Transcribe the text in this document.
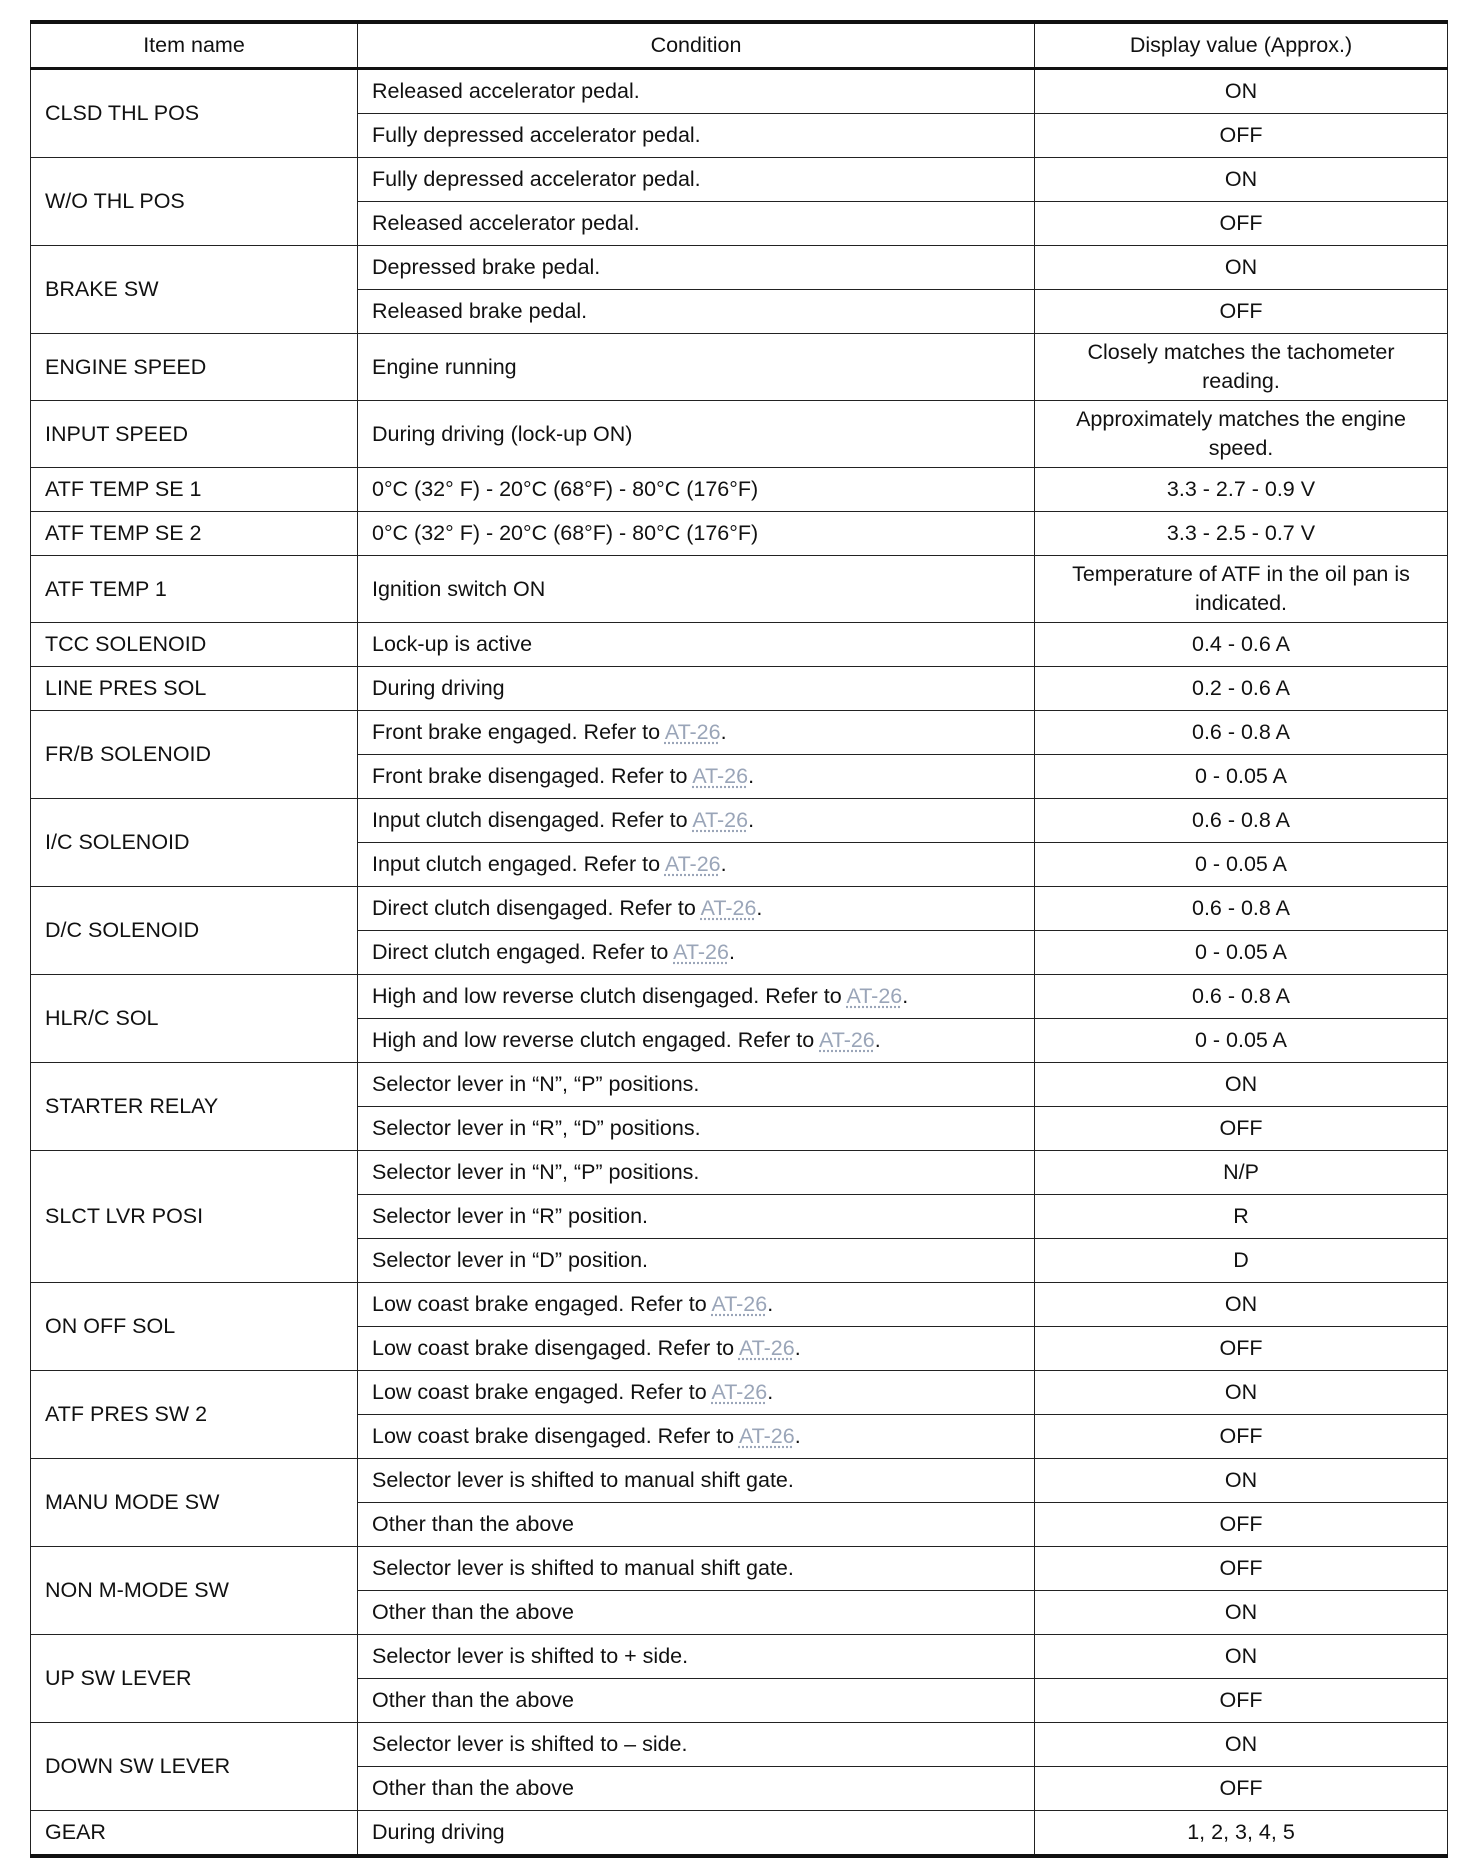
Item name	Condition	Display value (Approx.)
CLSD THL POS	Released accelerator pedal.	ON
	Fully depressed accelerator pedal.	OFF
W/O THL POS	Fully depressed accelerator pedal.	ON
	Released accelerator pedal.	OFF
BRAKE SW	Depressed brake pedal.	ON
	Released brake pedal.	OFF
ENGINE SPEED	Engine running	Closely matches the tachometer reading.
INPUT SPEED	During driving (lock-up ON)	Approximately matches the engine speed.
ATF TEMP SE 1	0°C (32° F) - 20°C (68°F) - 80°C (176°F)	3.3 - 2.7 - 0.9 V
ATF TEMP SE 2	0°C (32° F) - 20°C (68°F) - 80°C (176°F)	3.3 - 2.5 - 0.7 V
ATF TEMP 1	Ignition switch ON	Temperature of ATF in the oil pan is indicated.
TCC SOLENOID	Lock-up is active	0.4 - 0.6 A
LINE PRES SOL	During driving	0.2 - 0.6 A
FR/B SOLENOID	Front brake engaged. Refer to AT-26.	0.6 - 0.8 A
	Front brake disengaged. Refer to AT-26.	0 - 0.05 A
I/C SOLENOID	Input clutch disengaged. Refer to AT-26.	0.6 - 0.8 A
	Input clutch engaged. Refer to AT-26.	0 - 0.05 A
D/C SOLENOID	Direct clutch disengaged. Refer to AT-26.	0.6 - 0.8 A
	Direct clutch engaged. Refer to AT-26.	0 - 0.05 A
HLR/C SOL	High and low reverse clutch disengaged. Refer to AT-26.	0.6 - 0.8 A
	High and low reverse clutch engaged. Refer to AT-26.	0 - 0.05 A
STARTER RELAY	Selector lever in “N”, “P” positions.	ON
	Selector lever in “R”, “D” positions.	OFF
SLCT LVR POSI	Selector lever in “N”, “P” positions.	N/P
	Selector lever in “R” position.	R
	Selector lever in “D” position.	D
ON OFF SOL	Low coast brake engaged. Refer to AT-26.	ON
	Low coast brake disengaged. Refer to AT-26.	OFF
ATF PRES SW 2	Low coast brake engaged. Refer to AT-26.	ON
	Low coast brake disengaged. Refer to AT-26.	OFF
MANU MODE SW	Selector lever is shifted to manual shift gate.	ON
	Other than the above	OFF
NON M-MODE SW	Selector lever is shifted to manual shift gate.	OFF
	Other than the above	ON
UP SW LEVER	Selector lever is shifted to + side.	ON
	Other than the above	OFF
DOWN SW LEVER	Selector lever is shifted to – side.	ON
	Other than the above	OFF
GEAR	During driving	1, 2, 3, 4, 5
